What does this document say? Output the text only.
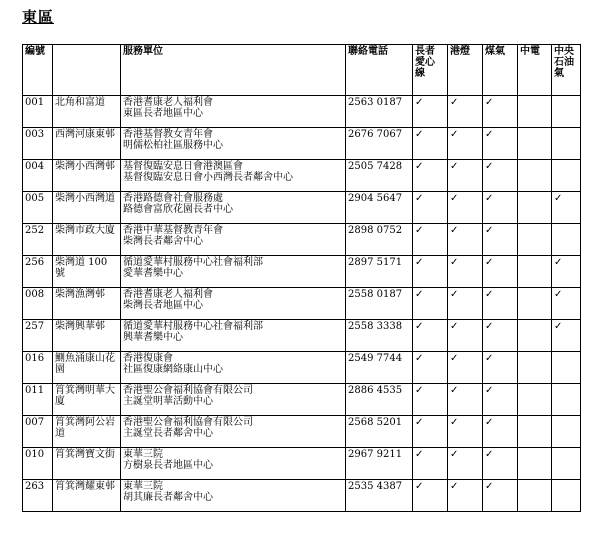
東區
編號		服務單位	聯絡電話	長者 愛心 線	港燈	煤氣	中電	中央 石油 氣
001	北角和富道	香港耆康老人福利會
東區長者地區中心	2563 0187	✓	✓	✓		
003	西灣河康東邨	香港基督教女青年會
明儒松柏社區服務中心	2676 7067	✓	✓	✓		
004	柴灣小西灣邨	基督復臨安息日會港澳區會
基督復臨安息日會小西灣長者鄰舍中心	2505 7428	✓	✓	✓		
005	柴灣小西灣道	香港路德會社會服務處
路德會富欣花園長者中心	2904 5647	✓	✓	✓		✓
252	柴灣市政大廈	香港中華基督教青年會
柴灣長者鄰舍中心	2898 0752	✓	✓	✓		
256	柴灣道 100 號	循道愛華村服務中心社會福利部
愛華耆樂中心	2897 5171	✓	✓	✓		✓
008	柴灣漁灣邨	香港耆康老人福利會
柴灣長者地區中心	2558 0187	✓	✓	✓		✓
257	柴灣興華邨	循道愛華村服務中心社會福利部
興華耆樂中心	2558 3338	✓	✓	✓		✓
016	鰂魚涌康山花園	香港復康會
社區復康網絡康山中心	2549 7744	✓	✓	✓		
011	筲箕灣明華大廈	香港聖公會福利協會有限公司
主誕堂明華活動中心	2886 4535	✓	✓	✓		
007	筲箕灣阿公岩道	香港聖公會福利協會有限公司
主誕堂長者鄰舍中心	2568 5201	✓	✓	✓		
010	筲箕灣寶文街	東華三院
方樹泉長者地區中心	2967 9211	✓	✓	✓		
263	筲箕灣耀東邨	東華三院
胡其廉長者鄰舍中心	2535 4387	✓	✓	✓		
